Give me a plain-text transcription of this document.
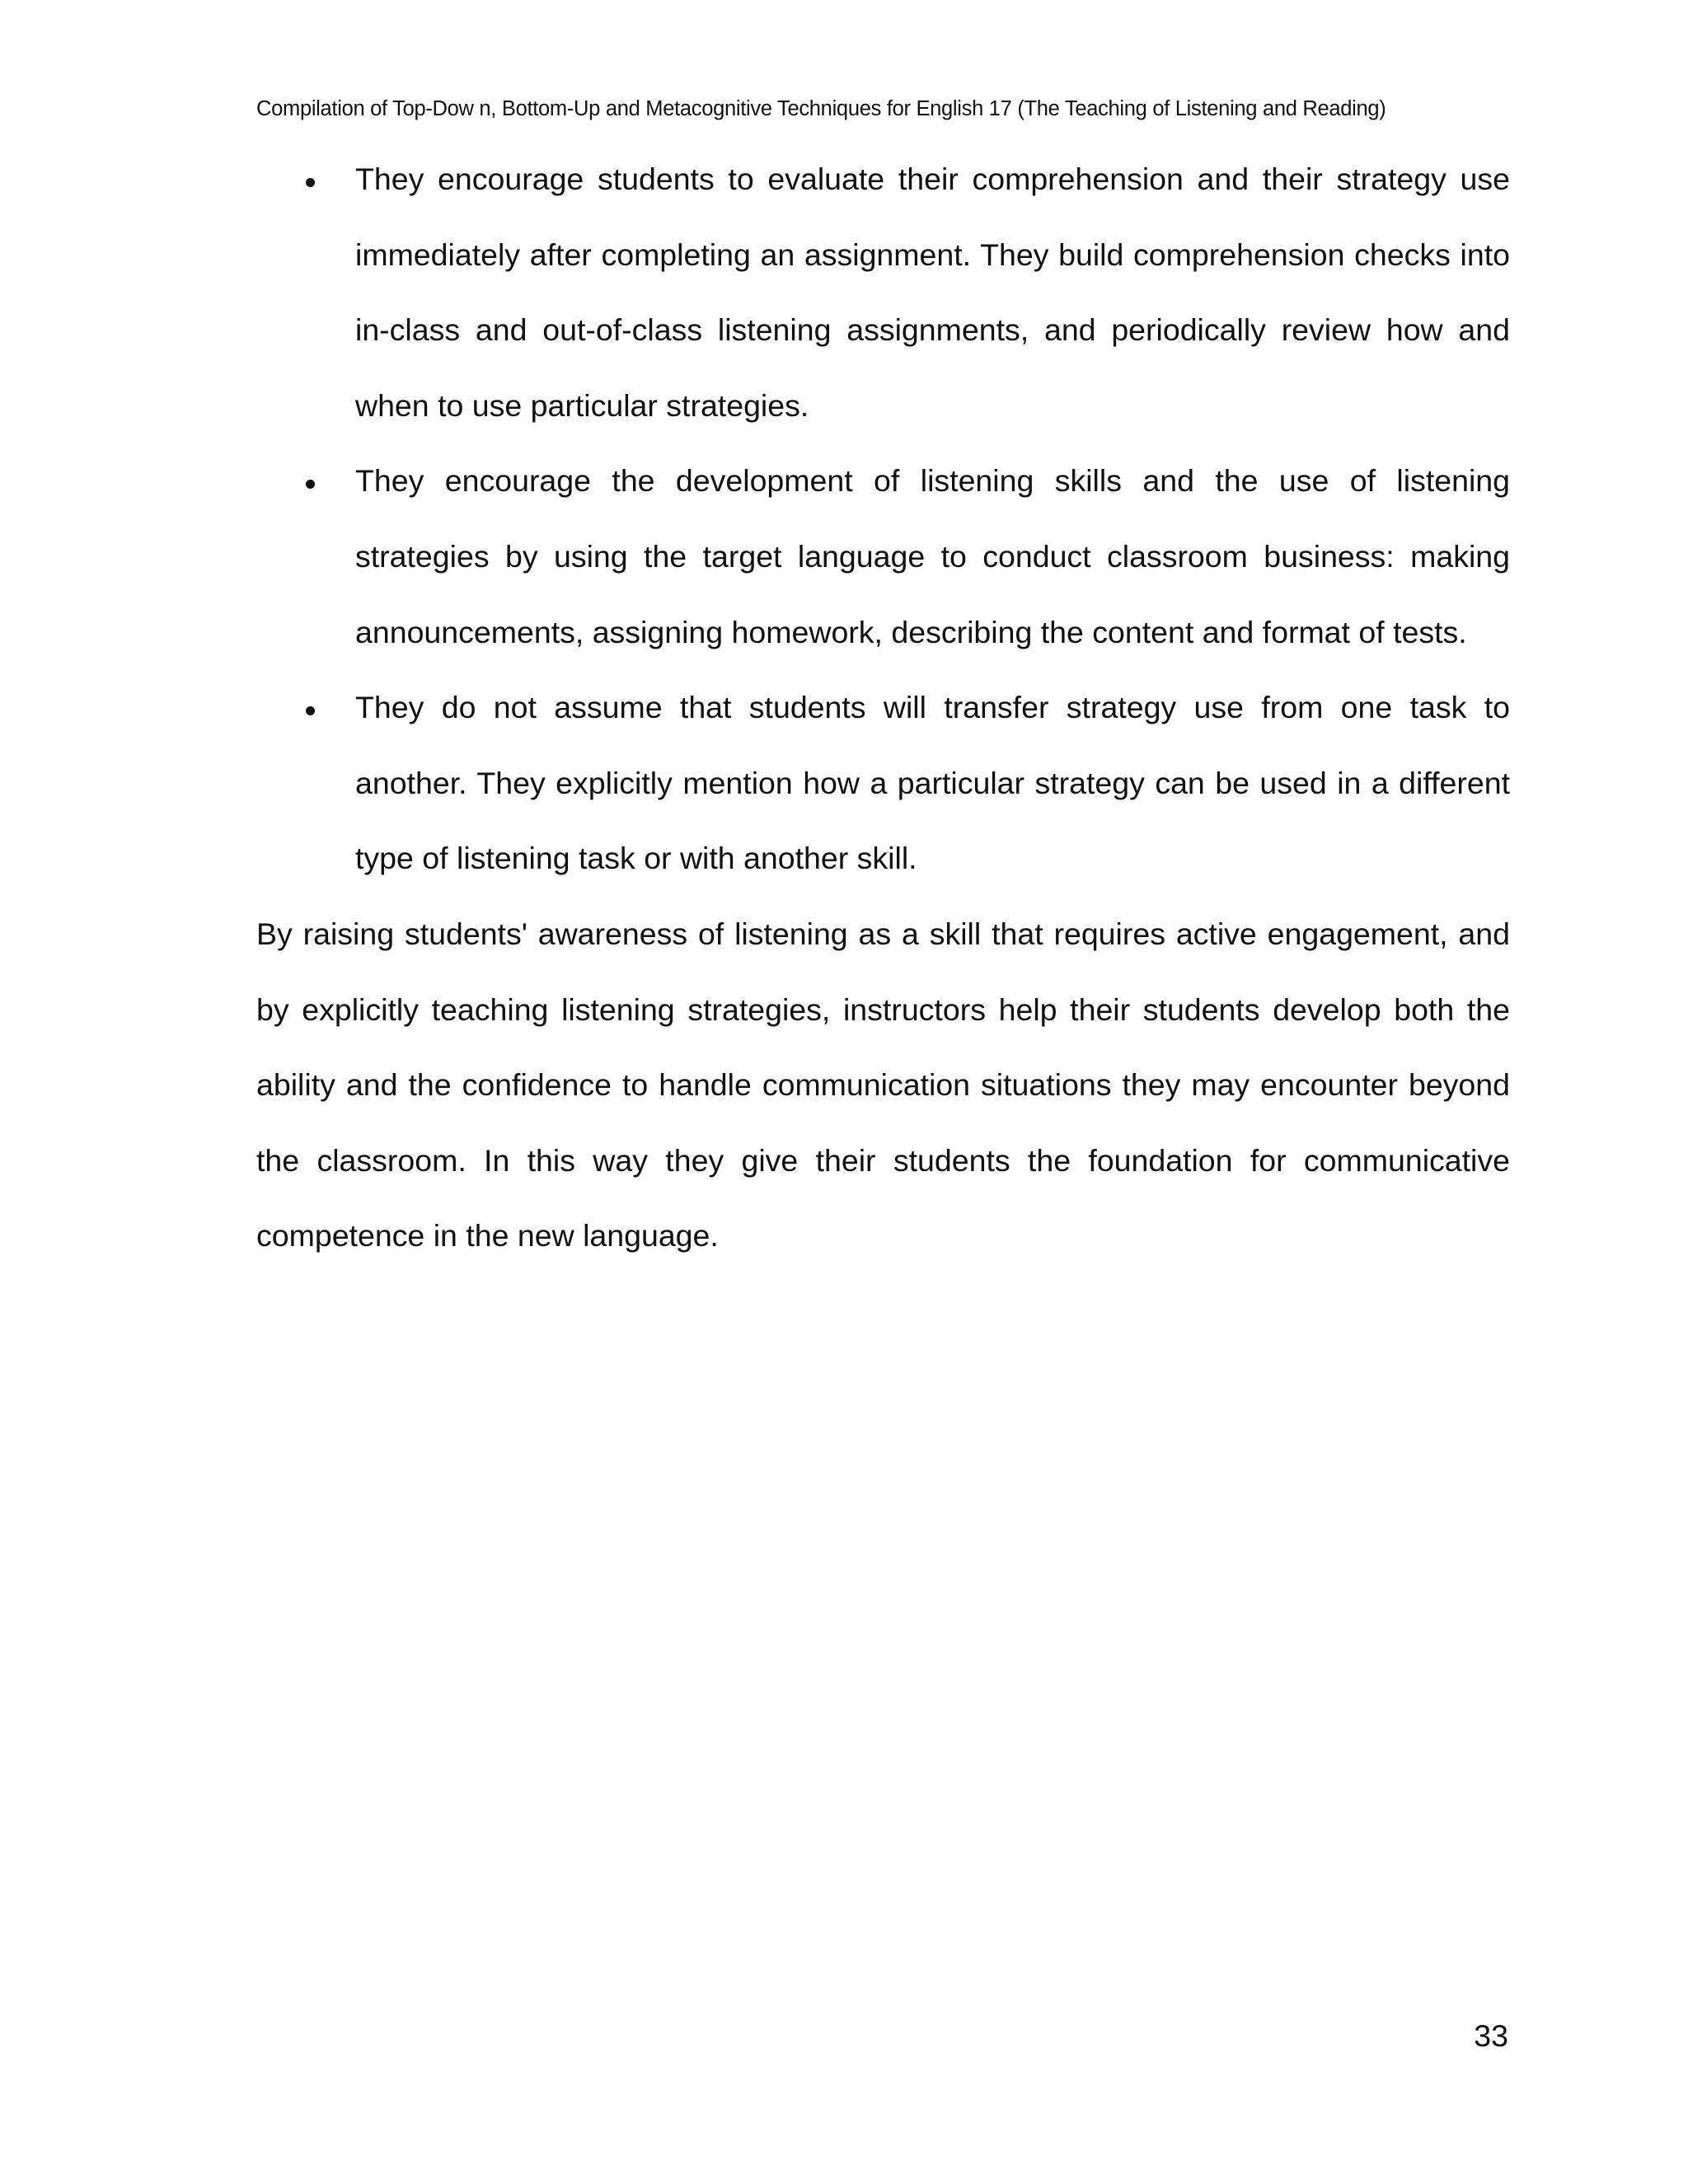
Compilation of Top-Dow n, Bottom-Up and Metacognitive Techniques for English 17 (The Teaching of Listening and Reading)
They encourage students to evaluate their comprehension and their strategy use immediately after completing an assignment. They build comprehension checks into in-class and out-of-class listening assignments, and periodically review how and when to use particular strategies.
They encourage the development of listening skills and the use of listening strategies by using the target language to conduct classroom business: making announcements, assigning homework, describing the content and format of tests.
They do not assume that students will transfer strategy use from one task to another. They explicitly mention how a particular strategy can be used in a different type of listening task or with another skill.

By raising students' awareness of listening as a skill that requires active engagement, and by explicitly teaching listening strategies, instructors help their students develop both the ability and the confidence to handle communication situations they may encounter beyond the classroom. In this way they give their students the foundation for communicative competence in the new language.

33
